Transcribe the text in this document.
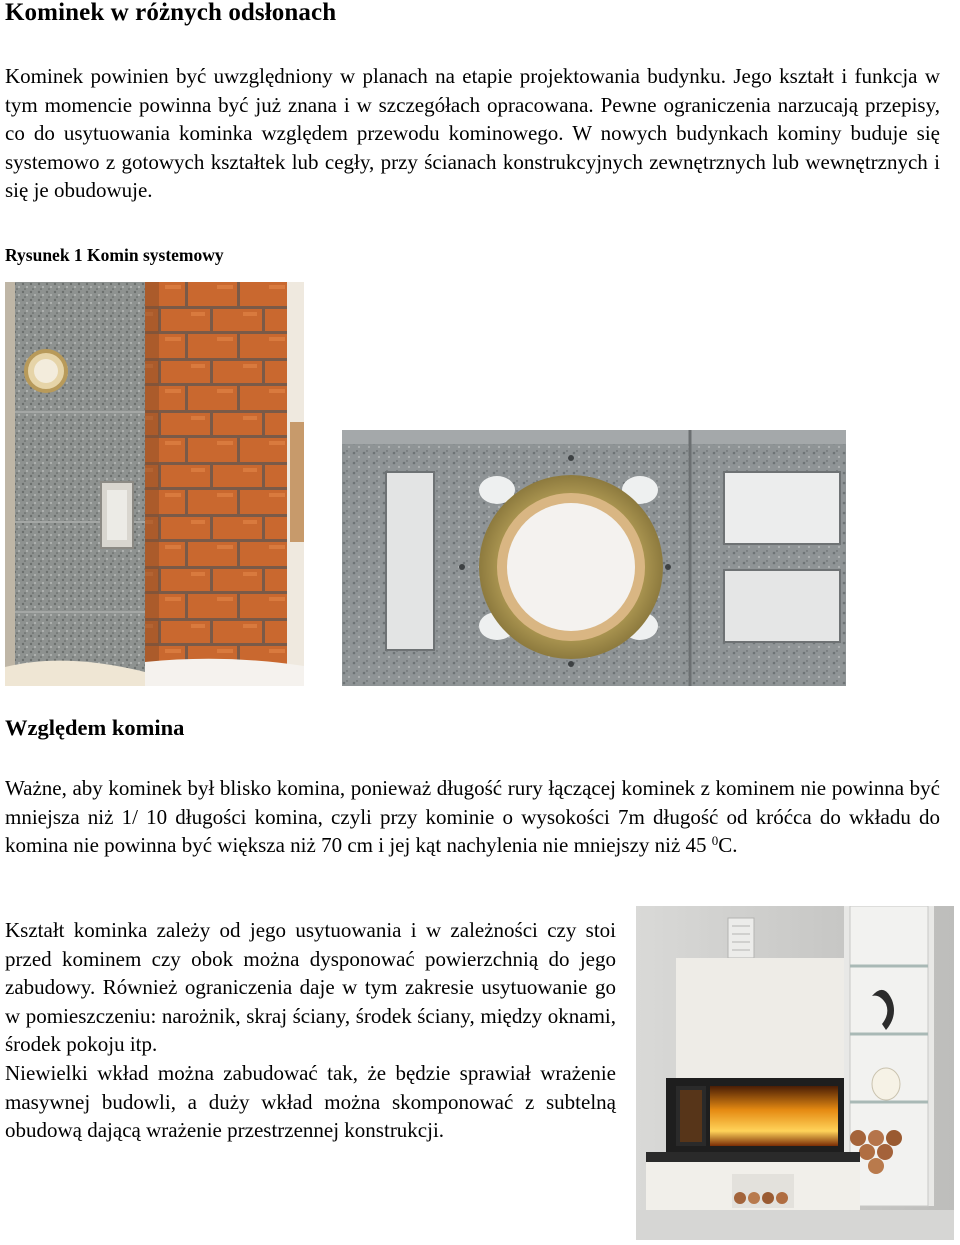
Kominek w różnych odsłonach
Kominek powinien być uwzględniony w planach na etapie projektowania budynku. Jego kształt i funkcja w tym momencie powinna być już znana i w szczegółach opracowana. Pewne ograniczenia narzucają przepisy, co do usytuowania kominka względem przewodu kominowego. W nowych budynkach kominy buduje się systemowo z gotowych kształtek lub cegły, przy ścianach konstrukcyjnych zewnętrznych lub wewnętrznych i się je obudowuje.
Rysunek 1 Komin systemowy
Względem komina
Ważne, aby kominek był blisko komina, ponieważ długość rury łączącej kominek z kominem nie powinna być mniejsza niż 1/ 10 długości komina, czyli przy kominie o wysokości 7m długość od króćca do wkładu do komina nie powinna być większa niż 70 cm i jej kąt nachylenia nie mniejszy niż 45 $^0$C.
Kształt kominka zależy od jego usytuowania i w zależności czy stoi przed kominem czy obok można dysponować powierzchnią do jego zabudowy. Również ograniczenia daje w tym zakresie usytuowanie go w pomieszczeniu: narożnik, skraj ściany, środek ściany, między oknami, środek pokoju itp.
Niewielki wkład można zabudować tak, że będzie sprawiał wrażenie masywnej budowli, a duży wkład można skomponować z subtelną obudową dającą wrażenie przestrzennej konstrukcji.
